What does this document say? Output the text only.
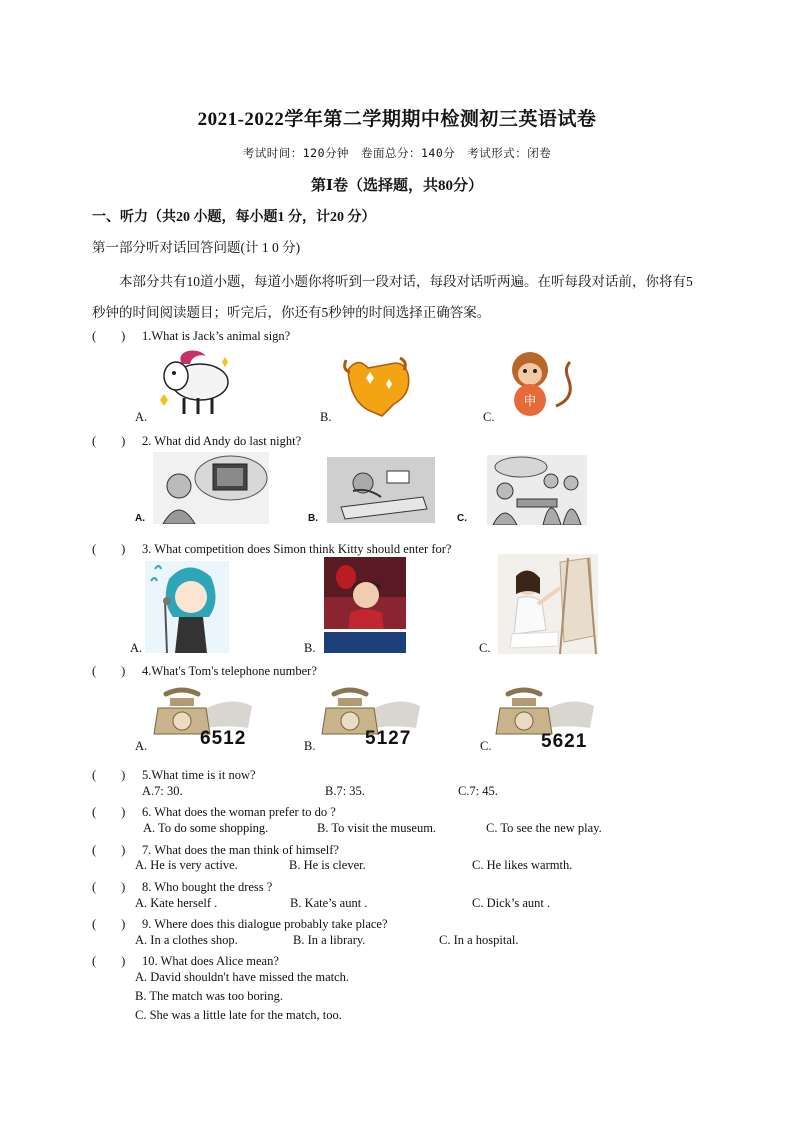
2021-2022学年第二学期期中检测初三英语试卷
考试时间：120分钟　卷面总分：140分　考试形式：闭卷
第Ⅰ卷（选择题，共80分）
一、听力（共20 小题，每小题1 分，计20 分）
第一部分听对话回答问题(计 1 0 分)
本部分共有10道小题，每道小题你将听到一段对话，每段对话听两遍。在听每段对话前，你将有5秒钟的时间阅读题目；听完后，你还有5秒钟的时间选择正确答案。
(　　) 1.What is Jack’s animal sign?
A.	B.	C.
申
(　　) 2. What did Andy do last night?
A.	B.	C.
(　　) 3. What competition does Simon think Kitty should enter for?
A.	B.	C.
(　　) 4.What's Tom's telephone number?
A.	B.	C.
6512	5127	5621
(　　) 5.What time is it now?
A.7: 30.	B.7: 35.	C.7: 45.
(　　) 6. What does the woman prefer to do ?
A. To do some shopping.	B. To visit the museum.	C. To see the new play.
(　　) 7. What does the man think of himself?
A. He is very active.	B. He is clever.	C. He likes warmth.
(　　) 8. Who bought the dress ?
A. Kate herself .	B. Kate’s aunt .	C. Dick’s aunt .
(　　) 9. Where does this dialogue probably take place?
A. In a clothes shop.	B. In a library.	C. In a hospital.
(　　) 10. What does Alice mean?
A. David shouldn't have missed the match.
B. The match was too boring.
C. She was a little late for the match, too.
